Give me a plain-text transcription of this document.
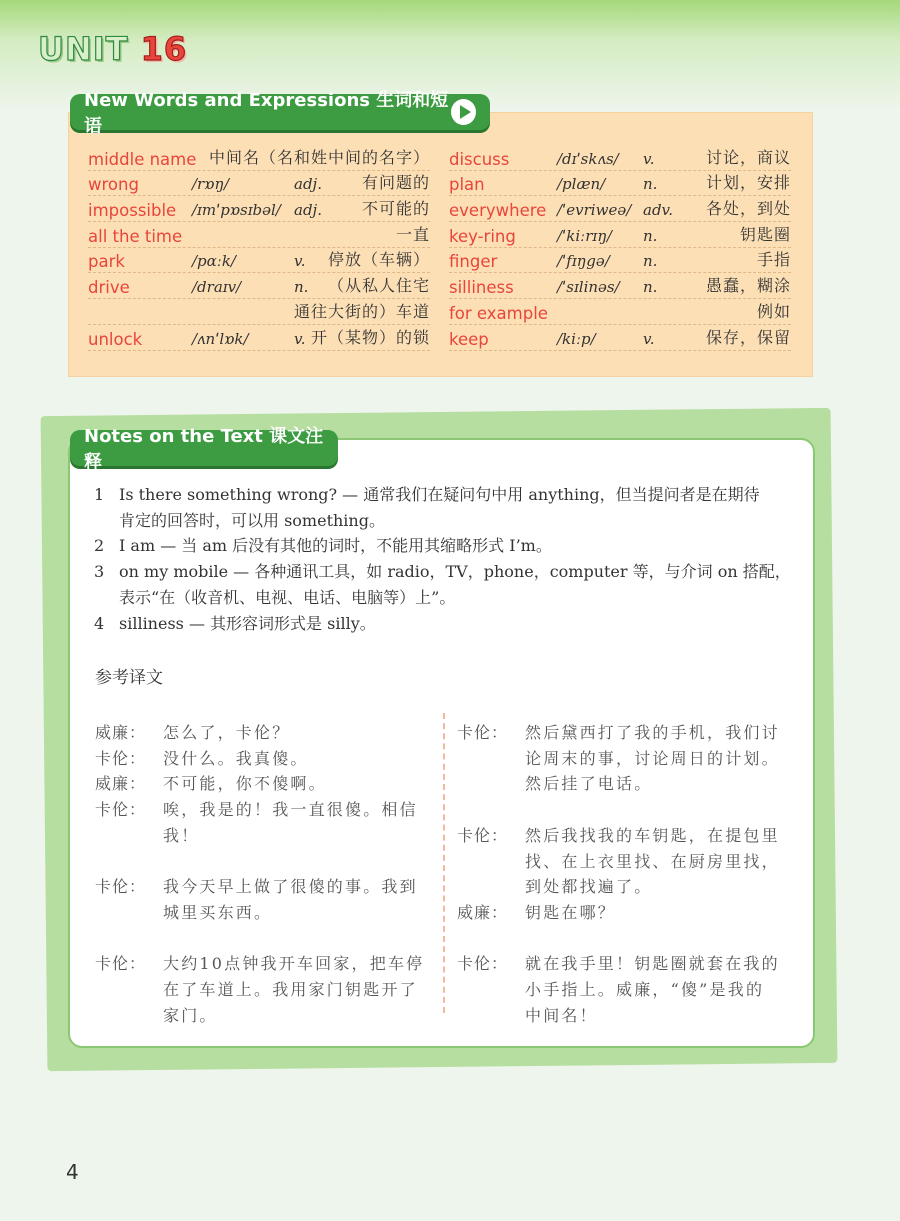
UNIT 16
New Words and Expressions 生词和短语
middle name 中间名（名和姓中间的名字）
wrong	/rɒŋ/	adj.	有问题的
impossible /ɪmˈpɒsɪbəl/ adj.	不可能的
all the time	一直
park	/pɑːk/	v. 停放（车辆）
drive	/draɪv/	n. （从私人住宅
通往大街的）车道
unlock	/ʌnˈlɒk/	v. 开（某物）的锁
discuss	/dɪˈskʌs/ v.	讨论，商议
plan	/plæn/	n.	计划，安排
everywhere /ˈevriweə/ adv. 各处，到处
key-ring	/ˈkiːrɪŋ/ n.	钥匙圈
finger	/ˈfɪŋgə/ n.	手指
silliness	/ˈsɪlinəs/ n.	愚蠢，糊涂
for example	例如
keep	/kiːp/	v.	保存，保留
Notes on the Text 课文注释
1 Is there something wrong? — 通常我们在疑问句中用 anything，但当提问者是在期待
肯定的回答时，可以用 something。
2 I am — 当 am 后没有其他的词时，不能用其缩略形式 I’m。
3 on my mobile — 各种通讯工具，如 radio，TV，phone，computer 等，与介词 on 搭配，
表示“在（收音机、电视、电话、电脑等）上”。
4 silliness — 其形容词形式是 silly。
参考译文
威廉： 怎么了，卡伦？
卡伦： 没什么。我真傻。
威廉： 不可能，你不傻啊。
卡伦： 唉，我是的！我一直很傻。相信我！
卡伦： 我今天早上做了很傻的事。我到
城里买东西。
卡伦： 大约10点钟我开车回家，把车停
在了车道上。我用家门钥匙开了
家门。
卡伦： 然后黛西打了我的手机，我们讨
论周末的事，讨论周日的计划。
然后挂了电话。
卡伦： 然后我找我的车钥匙，在提包里
找、在上衣里找、在厨房里找，
到处都找遍了。
威廉： 钥匙在哪？
卡伦： 就在我手里！钥匙圈就套在我的
小手指上。威廉，“傻”是我的
中间名！
4
